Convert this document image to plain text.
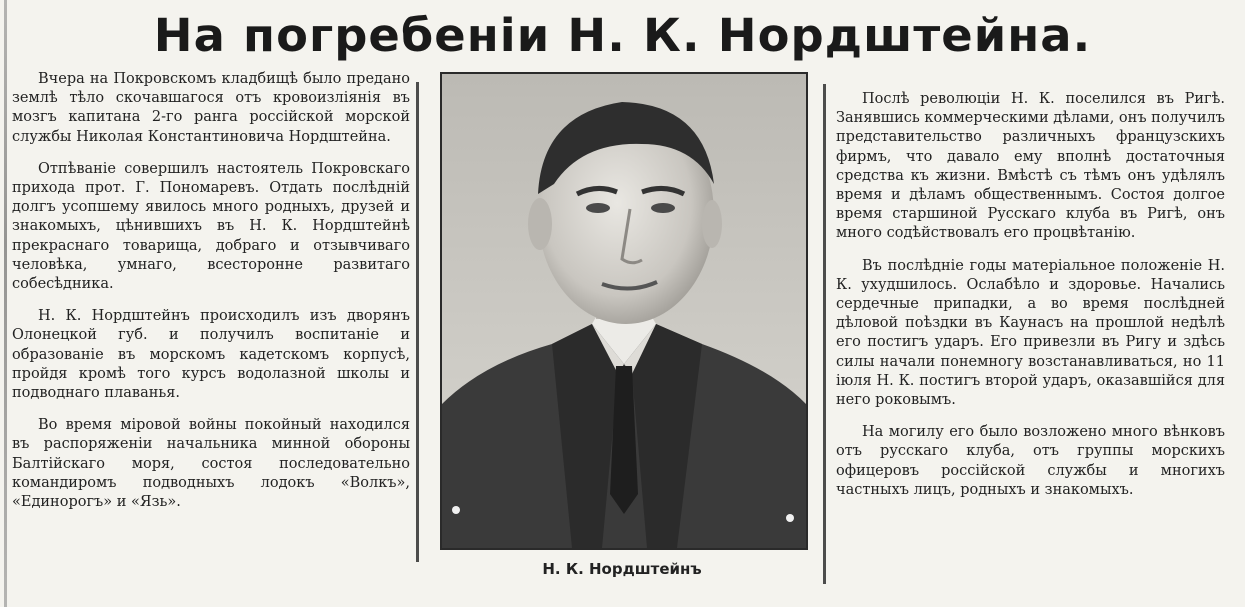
На погребеніи Н. К. Нордштейна.

Вчера на Покровскомъ кладбищѣ было предано землѣ тѣло скочавшагося отъ кровоизліянія въ мозгъ капитана 2-го ранга россійской морской службы Николая Константиновича Нордштейна.

Отпѣваніе совершилъ настоятель Покровскаго прихода прот. Г. Пономаревъ. Отдать послѣдній долгъ усопшему явилось много родныхъ, друзей и знакомыхъ, цѣнившихъ въ Н. К. Нордштейнѣ прекраснаго товарища, добраго и отзывчиваго человѣка, умнаго, всесторонне развитаго собесѣдника.

Н. К. Нордштейнъ происходилъ изъ дворянъ Олонецкой губ. и получилъ воспитаніе и образованіе въ морскомъ кадетскомъ корпусѣ, пройдя кромѣ того курсъ водолазной школы и подводнаго плаванья.

Во время міровой войны покойный находился въ распоряженіи начальника минной обороны Балтійскаго моря, состоя последовательно командиромъ подводныхъ лодокъ «Волкъ», «Единорогъ» и «Язь».

Н. К. Нордштейнъ

Послѣ революціи Н. К. поселился въ Ригѣ. Занявшись коммерческими дѣлами, онъ получилъ представительство различныхъ французскихъ фирмъ, что давало ему вполнѣ достаточныя средства къ жизни. Вмѣстѣ съ тѣмъ онъ удѣлялъ время и дѣламъ общественнымъ. Состоя долгое время старшиной Русскаго клуба въ Ригѣ, онъ много содѣйствовалъ его процвѣтанію.

Въ послѣдніе годы матеріальное положеніе Н. К. ухудшилось. Ослабѣло и здоровье. Начались сердечные припадки, а во время послѣдней дѣловой поѣздки въ Каунасъ на прошлой недѣлѣ его постигъ ударъ. Его привезли въ Ригу и здѣсь силы начали понемногу возстанавливаться, но 11 іюля Н. К. постигъ второй ударъ, оказавшійся для него роковымъ.

На могилу его было возложено много вѣнковъ отъ русскаго клуба, отъ группы морскихъ офицеровъ россійской службы и многихъ частныхъ лицъ, родныхъ и знакомыхъ.
